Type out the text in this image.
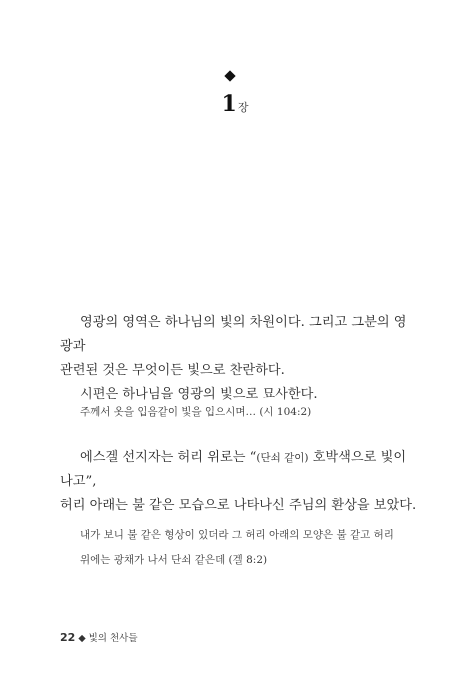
1장
영광의 영역은 하나님의 빛의 차원이다. 그리고 그분의 영광과
관련된 것은 무엇이든 빛으로 찬란하다.
시편은 하나님을 영광의 빛으로 묘사한다.
주께서 옷을 입음같이 빛을 입으시며… (시 104:2)
에스겔 선지자는 허리 위로는 “(단쇠 같이) 호박색으로 빛이 나고”,
허리 아래는 불 같은 모습으로 나타나신 주님의 환상을 보았다.
내가 보니 불 같은 형상이 있더라 그 허리 아래의 모양은 불 같고 허리
위에는 광채가 나서 단쇠 같은데 (겔 8:2)
22 ◆ 빛의 천사들
